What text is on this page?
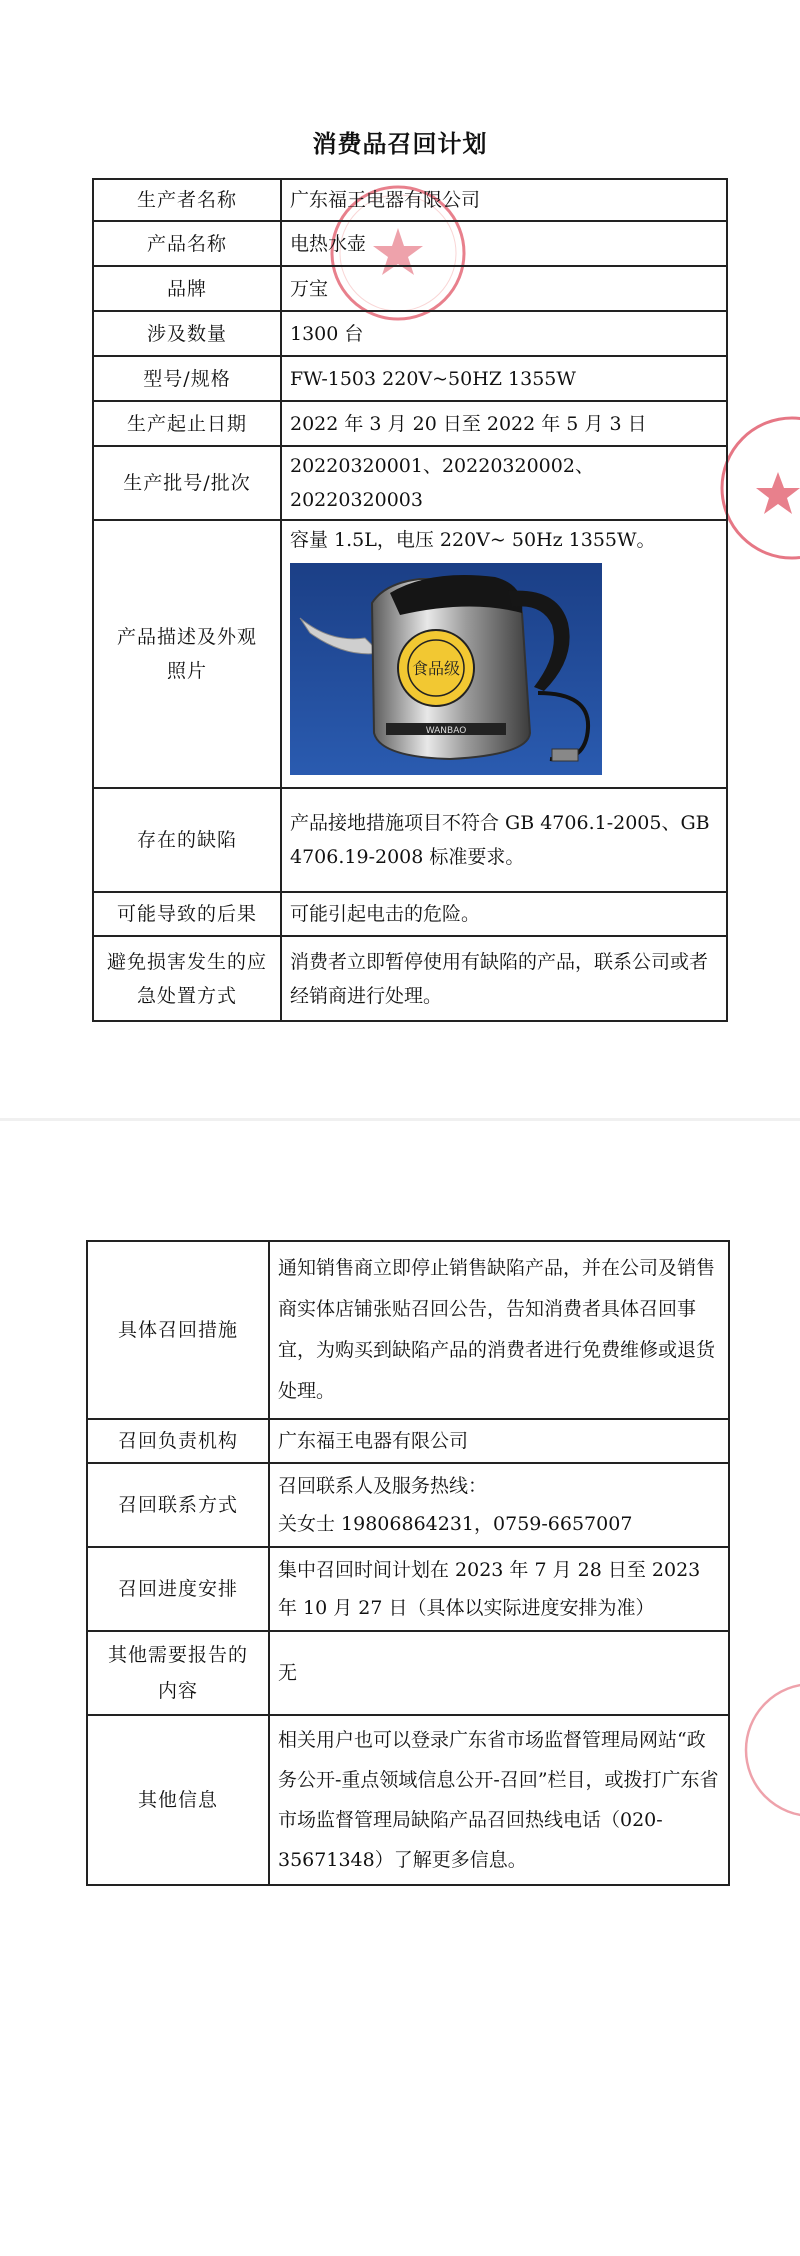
消费品召回计划
生产者名称	广东福王电器有限公司
产品名称	电热水壶
品牌	万宝
涉及数量	1300 台
型号/规格	FW-1503 220V~50HZ 1355W
生产起止日期	2022 年 3 月 20 日至 2022 年 5 月 3 日
生产批号/批次	20220320001、20220320002、20220320003
产品描述及外观照片	容量 1.5L，电压 220V~ 50Hz 1355W。
食品级
WANBAO

存在的缺陷	产品接地措施项目不符合 GB 4706.1-2005、GB 4706.19-2008 标准要求。
可能导致的后果	可能引起电击的危险。
避免损害发生的应急处置方式	消费者立即暂停使用有缺陷的产品，联系公司或者经销商进行处理。
具体召回措施	通知销售商立即停止销售缺陷产品，并在公司及销售商实体店铺张贴召回公告，告知消费者具体召回事宜，为购买到缺陷产品的消费者进行免费维修或退货处理。
召回负责机构	广东福王电器有限公司
召回联系方式	召回联系人及服务热线：
关女士 19806864231，0759-6657007

召回进度安排	集中召回时间计划在 2023 年 7 月 28 日至 2023 年 10 月 27 日（具体以实际进度安排为准）
其他需要报告的内容	无
其他信息	相关用户也可以登录广东省市场监督管理局网站“政务公开-重点领域信息公开-召回”栏目，或拨打广东省市场监督管理局缺陷产品召回热线电话（020-35671348）了解更多信息。
